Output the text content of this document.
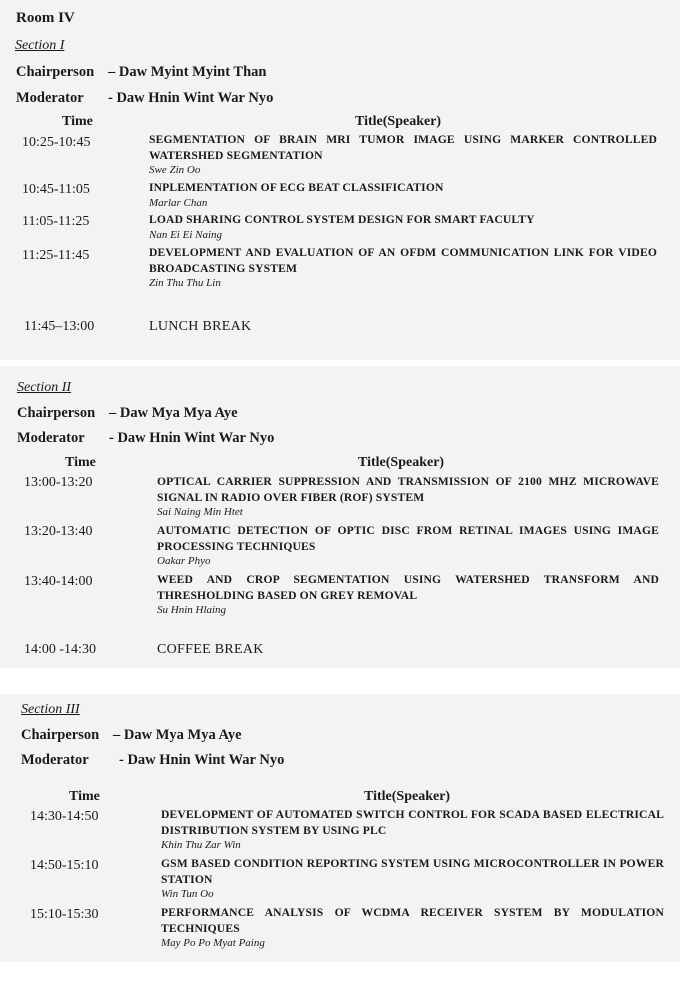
Room IV
Section I
Chairperson – Daw Myint Myint Than
Moderator - Daw Hnin Wint War Nyo
Time	Title(Speaker)
10:25-10:45	SEGMENTATION OF BRAIN MRI TUMOR IMAGE USING MARKER CONTROLLED WATERSHED SEGMENTATION
Swe Zin Oo
10:45-11:05	INPLEMENTATION OF ECG BEAT CLASSIFICATION
Marlar Chan
11:05-11:25	LOAD SHARING CONTROL SYSTEM DESIGN FOR SMART FACULTY
Nan Ei Ei Naing
11:25-11:45	DEVELOPMENT AND EVALUATION OF AN OFDM COMMUNICATION LINK FOR VIDEO BROADCASTING SYSTEM
Zin Thu Thu Lin
11:45–13:00	LUNCH BREAK
Section II
Chairperson – Daw Mya Mya Aye
Moderator - Daw Hnin Wint War Nyo
Time	Title(Speaker)
13:00-13:20	OPTICAL CARRIER SUPPRESSION AND TRANSMISSION OF 2100 MHZ MICROWAVE SIGNAL IN RADIO OVER FIBER (ROF) SYSTEM
Sai Naing Min Htet
13:20-13:40	AUTOMATIC DETECTION OF OPTIC DISC FROM RETINAL IMAGES USING IMAGE PROCESSING TECHNIQUES
Oakar Phyo
13:40-14:00	WEED AND CROP SEGMENTATION USING WATERSHED TRANSFORM AND THRESHOLDING BASED ON GREY REMOVAL
Su Hnin Hlaing
14:00 -14:30	COFFEE BREAK
Section III
Chairperson – Daw Mya Mya Aye
Moderator - Daw Hnin Wint War Nyo
Time	Title(Speaker)
14:30-14:50	DEVELOPMENT OF AUTOMATED SWITCH CONTROL FOR SCADA BASED ELECTRICAL DISTRIBUTION SYSTEM BY USING PLC
Khin Thu Zar Win
14:50-15:10	GSM BASED CONDITION REPORTING SYSTEM USING MICROCONTROLLER IN POWER STATION
Win Tun Oo
15:10-15:30	PERFORMANCE ANALYSIS OF WCDMA RECEIVER SYSTEM BY MODULATION TECHNIQUES
May Po Po Myat Paing
